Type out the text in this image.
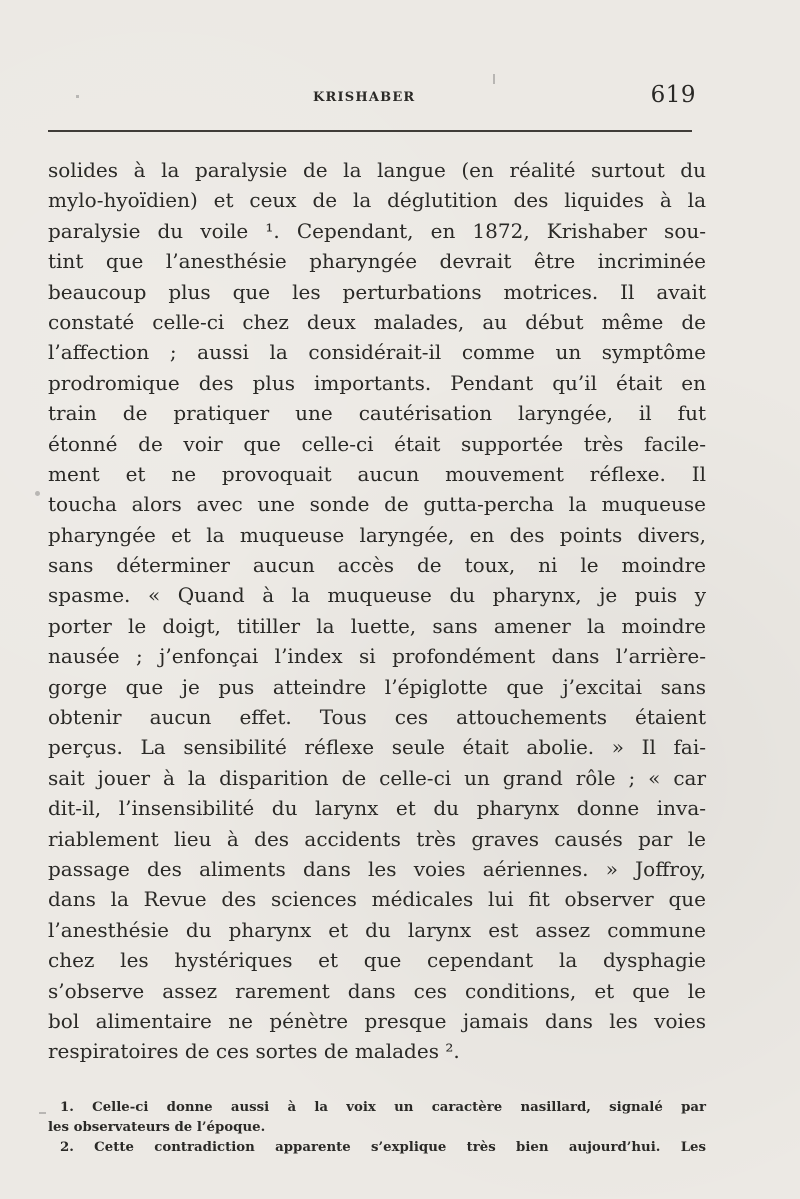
KRISHABER	619
solides à la paralysie de la langue (en réalité surtout du
mylo-hyoïdien) et ceux de la déglutition des liquides à la
paralysie du voile ¹. Cependant, en 1872, Krishaber sou-
tint que l’anesthésie pharyngée devrait être incriminée
beaucoup plus que les perturbations motrices. Il avait
constaté celle-ci chez deux malades, au début même de
l’affection ; aussi la considérait-il comme un symptôme
prodromique des plus importants. Pendant qu’il était en
train de pratiquer une cautérisation laryngée, il fut
étonné de voir que celle-ci était supportée très facile-
ment et ne provoquait aucun mouvement réflexe. Il
toucha alors avec une sonde de gutta-percha la muqueuse
pharyngée et la muqueuse laryngée, en des points divers,
sans déterminer aucun accès de toux, ni le moindre
spasme. « Quand à la muqueuse du pharynx, je puis y
porter le doigt, titiller la luette, sans amener la moindre
nausée ; j’enfonçai l’index si profondément dans l’arrière-
gorge que je pus atteindre l’épiglotte que j’excitai sans
obtenir aucun effet. Tous ces attouchements étaient
perçus. La sensibilité réflexe seule était abolie. » Il fai-
sait jouer à la disparition de celle-ci un grand rôle ; « car
dit-il, l’insensibilité du larynx et du pharynx donne inva-
riablement lieu à des accidents très graves causés par le
passage des aliments dans les voies aériennes. » Joffroy,
dans la Revue des sciences médicales lui fit observer que
l’anesthésie du pharynx et du larynx est assez commune
chez les hystériques et que cependant la dysphagie
s’observe assez rarement dans ces conditions, et que le
bol alimentaire ne pénètre presque jamais dans les voies
respiratoires de ces sortes de malades ².
1. Celle-ci donne aussi à la voix un caractère nasillard, signalé par
les observateurs de l’époque.
2. Cette contradiction apparente s’explique très bien aujourd’hui. Les
